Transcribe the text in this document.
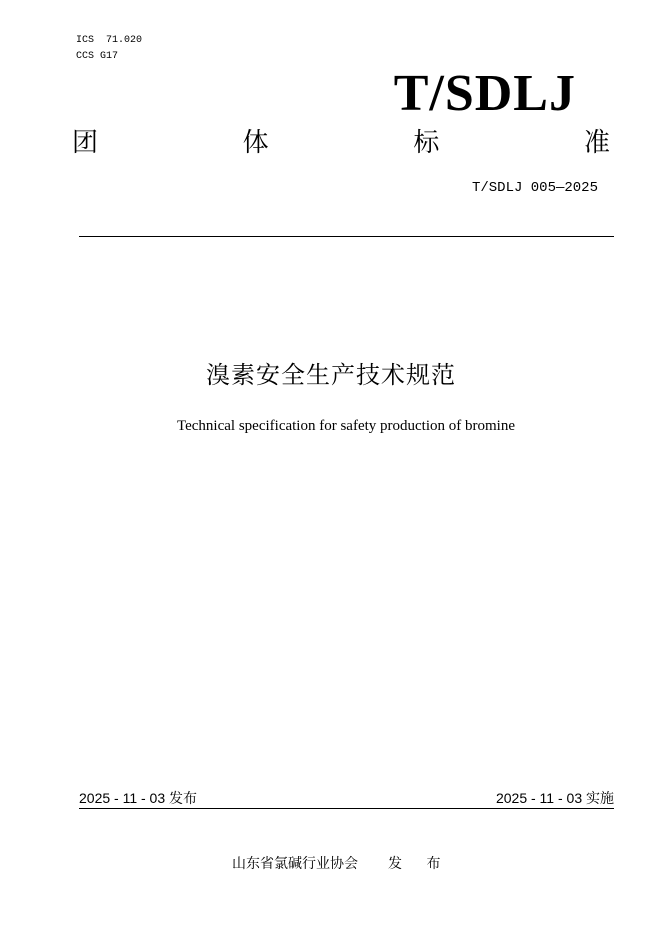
ICS  71.020
CCS G17
T/SDLJ
团	体	标	准
T/SDLJ 005—2025
溴素安全生产技术规范
Technical specification for safety production of bromine
2025 - 11 - 03 发布	2025 - 11 - 03 实施
山东省氯碱行业协会 发 布
